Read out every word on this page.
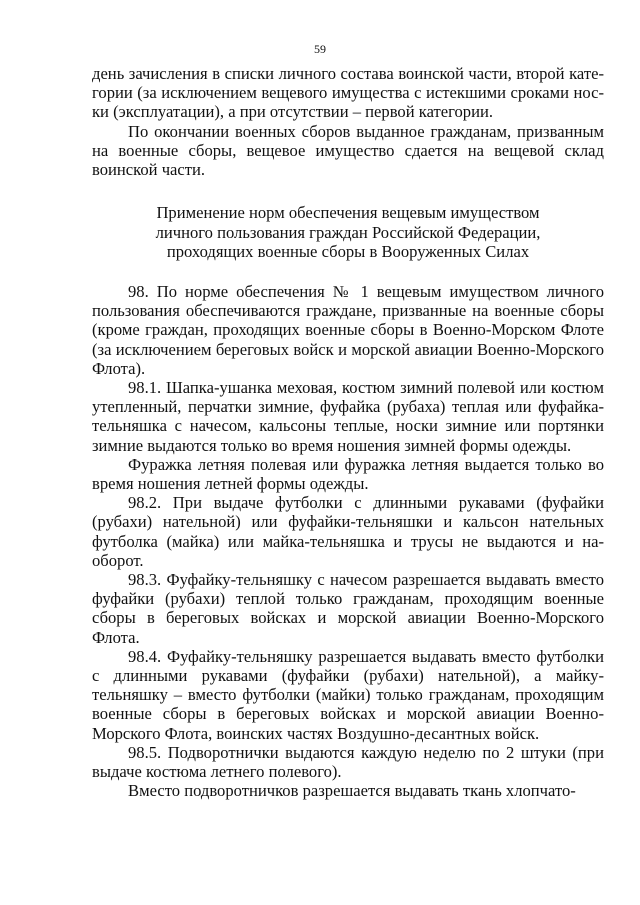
59

день зачисления в списки личного состава воинской части, второй категории (за исключением вещевого имущества с истекшими сроками носки (эксплуатации), а при отсутствии – первой категории.

По окончании военных сборов выданное гражданам, призванным на военные сборы, вещевое имущество сдается на вещевой склад воинской части.

Применение норм обеспечения вещевым имуществом
личного пользования граждан Российской Федерации,
проходящих военные сборы в Вооруженных Силах

98. По норме обеспечения № 1 вещевым имуществом личного пользования обеспечиваются граждане, призванные на военные сборы (кроме граждан, проходящих военные сборы в Военно-Морском Флоте (за исключением береговых войск и морской авиации Военно-Морского Флота).

98.1. Шапка-ушанка меховая, костюм зимний полевой или костюм утепленный, перчатки зимние, фуфайка (рубаха) теплая или фуфайка-тельняшка с начесом, кальсоны теплые, носки зимние или портянки зимние выдаются только во время ношения зимней формы одежды.

Фуражка летняя полевая или фуражка летняя выдается только во время ношения летней формы одежды.

98.2. При выдаче футболки с длинными рукавами (фуфайки (рубахи) нательной) или фуфайки-тельняшки и кальсон нательных футболка (майка) или майка-тельняшка и трусы не выдаются и наоборот.

98.3. Фуфайку-тельняшку с начесом разрешается выдавать вместо фуфайки (рубахи) теплой только гражданам, проходящим военные сборы в береговых войсках и морской авиации Военно-Морского Флота.

98.4. Фуфайку-тельняшку разрешается выдавать вместо футболки с длинными рукавами (фуфайки (рубахи) нательной), а майку-тельняшку – вместо футболки (майки) только гражданам, проходящим военные сборы в береговых войсках и морской авиации Военно-Морского Флота, воинских частях Воздушно-десантных войск.

98.5. Подворотнички выдаются каждую неделю по 2 штуки (при выдаче костюма летнего полевого).

Вместо подворотничков разрешается выдавать ткань хлопчато-
